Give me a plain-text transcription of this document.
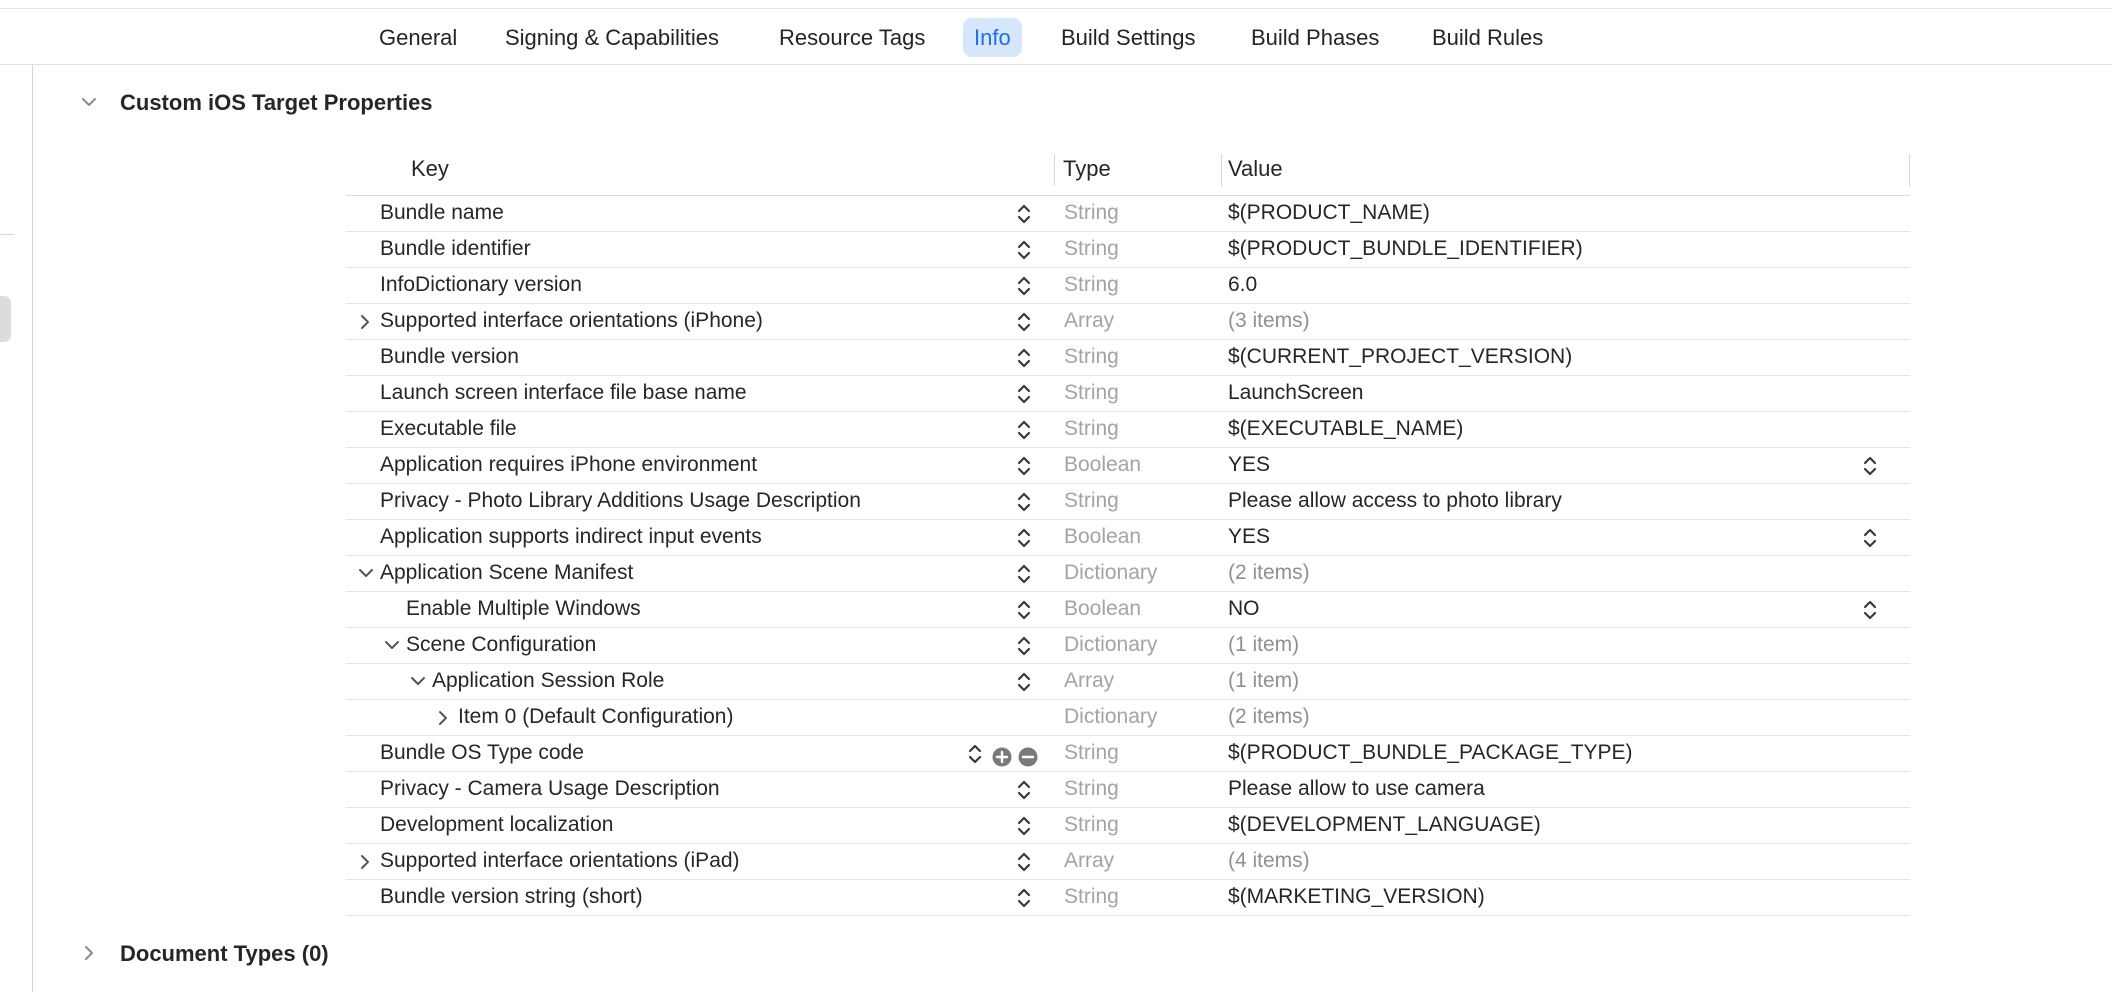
General	Signing & Capabilities	Resource Tags	Info	Build Settings	Build Phases	Build Rules
Custom iOS Target Properties
Key	Type	Value
Bundle name	String	$(PRODUCT_NAME)
Bundle identifier	String	$(PRODUCT_BUNDLE_IDENTIFIER)
InfoDictionary version	String	6.0
Supported interface orientations (iPhone)	Array	(3 items)
Bundle version	String	$(CURRENT_PROJECT_VERSION)
Launch screen interface file base name	String	LaunchScreen
Executable file	String	$(EXECUTABLE_NAME)
Application requires iPhone environment	Boolean	YES
Privacy - Photo Library Additions Usage Description	String	Please allow access to photo library
Application supports indirect input events	Boolean	YES
Application Scene Manifest	Dictionary	(2 items)
Enable Multiple Windows	Boolean	NO
Scene Configuration	Dictionary	(1 item)
Application Session Role	Array	(1 item)
Item 0 (Default Configuration)	Dictionary	(2 items)
Bundle OS Type code	String	$(PRODUCT_BUNDLE_PACKAGE_TYPE)
Privacy - Camera Usage Description	String	Please allow to use camera
Development localization	String	$(DEVELOPMENT_LANGUAGE)
Supported interface orientations (iPad)	Array	(4 items)
Bundle version string (short)	String	$(MARKETING_VERSION)
Document Types (0)
